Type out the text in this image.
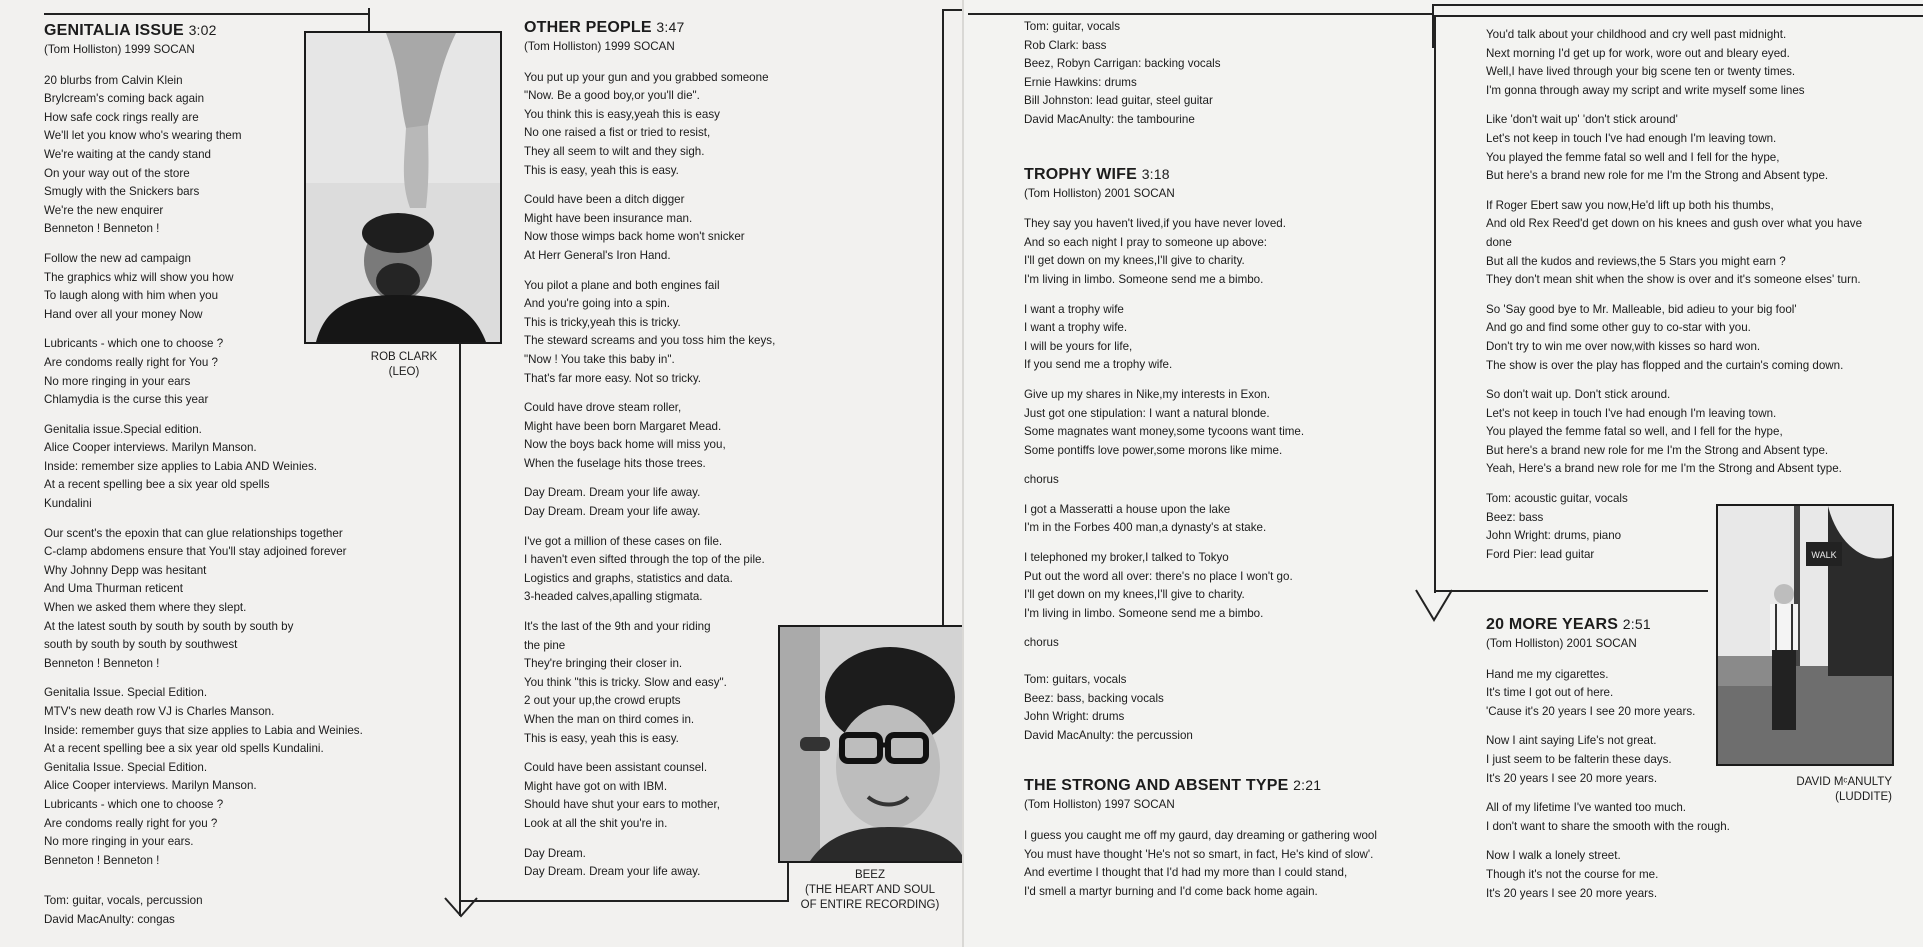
GENITALIA ISSUE 3:02
(Tom Holliston) 1999 SOCAN

20 blurbs from Calvin Klein
Brylcream's coming back again
How safe cock rings really are
We'll let you know who's wearing them
We're waiting at the candy stand
On your way out of the store
Smugly with the Snickers bars
We're the new enquirer
Benneton ! Benneton !

Follow the new ad campaign
The graphics whiz will show you how
To laugh along with him when you
Hand over all your money Now

Lubricants - which one to choose ?
Are condoms really right for You ?
No more ringing in your ears
Chlamydia is the curse this year

Genitalia issue.Special edition.
Alice Cooper interviews. Marilyn Manson.
Inside: remember size applies to Labia AND Weinies.
At a recent spelling bee a six year old spells
Kundalini

Our scent's the epoxin that can glue relationships together
C-clamp abdomens ensure that You'll stay adjoined forever
Why Johnny Depp was hesitant
And Uma Thurman reticent
When we asked them where they slept.
At the latest south by south by south by south by
south by south by south by southwest
Benneton ! Benneton !

Genitalia Issue. Special Edition.
MTV's new death row VJ is Charles Manson.
Inside: remember guys that size applies to Labia and Weinies.
At a recent spelling bee a six year old spells Kundalini.
Genitalia Issue. Special Edition.
Alice Cooper interviews. Marilyn Manson.
Lubricants - which one to choose ?
Are condoms really right for you ?
No more ringing in your ears.
Benneton ! Benneton !

Tom: guitar, vocals, percussion
David MacAnulty: congas

ROB CLARK
(LEO)
OTHER PEOPLE 3:47
(Tom Holliston) 1999 SOCAN

You put up your gun and you grabbed someone
"Now. Be a good boy,or you'll die".
You think this is easy,yeah this is easy
No one raised a fist or tried to resist,
They all seem to wilt and they sigh.
This is easy, yeah this is easy.

Could have been a ditch digger
Might have been insurance man.
Now those wimps back home won't snicker
At Herr General's Iron Hand.

You pilot a plane and both engines fail
And you're going into a spin.
This is tricky,yeah this is tricky.
The steward screams and you toss him the keys,
"Now ! You take this baby in".
That's far more easy. Not so tricky.

Could have drove steam roller,
Might have been born Margaret Mead.
Now the boys back home will miss you,
When the fuselage hits those trees.

Day Dream. Dream your life away.
Day Dream. Dream your life away.

I've got a million of these cases on file.
I haven't even sifted through the top of the pile.
Logistics and graphs, statistics and data.
3-headed calves,apalling stigmata.

It's the last of the 9th and your riding
the pine
They're bringing their closer in.
You think "this is tricky. Slow and easy".
2 out your up,the crowd erupts
When the man on third comes in.
This is easy, yeah this is easy.

Could have been assistant counsel.
Might have got on with IBM.
Should have shut your ears to mother,
Look at all the shit you're in.

Day Dream.
Day Dream. Dream your life away.	BEEZ
(THE HEART AND SOUL
OF ENTIRE RECORDING)

Tom: guitar, vocals
Rob Clark: bass
Beez, Robyn Carrigan: backing vocals
Ernie Hawkins: drums
Bill Johnston: lead guitar, steel guitar
David MacAnulty: the tambourine

TROPHY WIFE 3:18
(Tom Holliston) 2001 SOCAN

They say you haven't lived,if you have never loved.
And so each night I pray to someone up above:
I'll get down on my knees,I'll give to charity.
I'm living in limbo. Someone send me a bimbo.

I want a trophy wife
I want a trophy wife.
I will be yours for life,
If you send me a trophy wife.

Give up my shares in Nike,my interests in Exon.
Just got one stipulation: I want a natural blonde.
Some magnates want money,some tycoons want time.
Some pontiffs love power,some morons like mime.

chorus

I got a Masseratti a house upon the lake
I'm in the Forbes 400 man,a dynasty's at stake.

I telephoned my broker,I talked to Tokyo
Put out the word all over: there's no place I won't go.
I'll get down on my knees,I'll give to charity.
I'm living in limbo. Someone send me a bimbo.

chorus

Tom: guitars, vocals
Beez: bass, backing vocals
John Wright: drums
David MacAnulty: the percussion

THE STRONG AND ABSENT TYPE 2:21
(Tom Holliston) 1997 SOCAN

I guess you caught me off my gaurd, day dreaming or gathering wool
You must have thought 'He's not so smart, in fact, He's kind of slow'.
And evertime I thought that I'd had my more than I could stand,
I'd smell a martyr burning and I'd come back home again.

You'd talk about your childhood and cry well past midnight.
Next morning I'd get up for work, wore out and bleary eyed.
Well,I have lived through your big scene ten or twenty times.
I'm gonna through away my script and write myself some lines

Like 'don't wait up' 'don't stick around'
Let's not keep in touch I've had enough I'm leaving town.
You played the femme fatal so well and I fell for the hype,
But here's a brand new role for me I'm the Strong and Absent type.

If Roger Ebert saw you now,He'd lift up both his thumbs,
And old Rex Reed'd get down on his knees and gush over what you have
done
But all the kudos and reviews,the 5 Stars you might earn ?
They don't mean shit when the show is over and it's someone elses' turn.

So 'Say good bye to Mr. Malleable, bid adieu to your big fool'
And go and find some other guy to co-star with you.
Don't try to win me over now,with kisses so hard won.
The show is over the play has flopped and the curtain's coming down.

So don't wait up. Don't stick around.
Let's not keep in touch I've had enough I'm leaving town.
You played the femme fatal so well, and I fell for the hype,
But here's a brand new role for me I'm the Strong and Absent type.
Yeah, Here's a brand new role for me I'm the Strong and Absent type.

Tom: acoustic guitar, vocals
Beez: bass
John Wright: drums, piano
Ford Pier: lead guitar

20 MORE YEARS 2:51
(Tom Holliston) 2001 SOCAN

Hand me my cigarettes.
It's time I got out of here.
'Cause it's 20 years I see 20 more years.

Now I aint saying Life's not great.
I just seem to be falterin these days.
It's 20 years I see 20 more years.

All of my lifetime I've wanted too much.
I don't want to share the smooth with the rough.

Now I walk a lonely street.
Though it's not the course for me.
It's 20 years I see 20 more years.

WALK
DAVID MᶜANULTY
(LUDDITE)
